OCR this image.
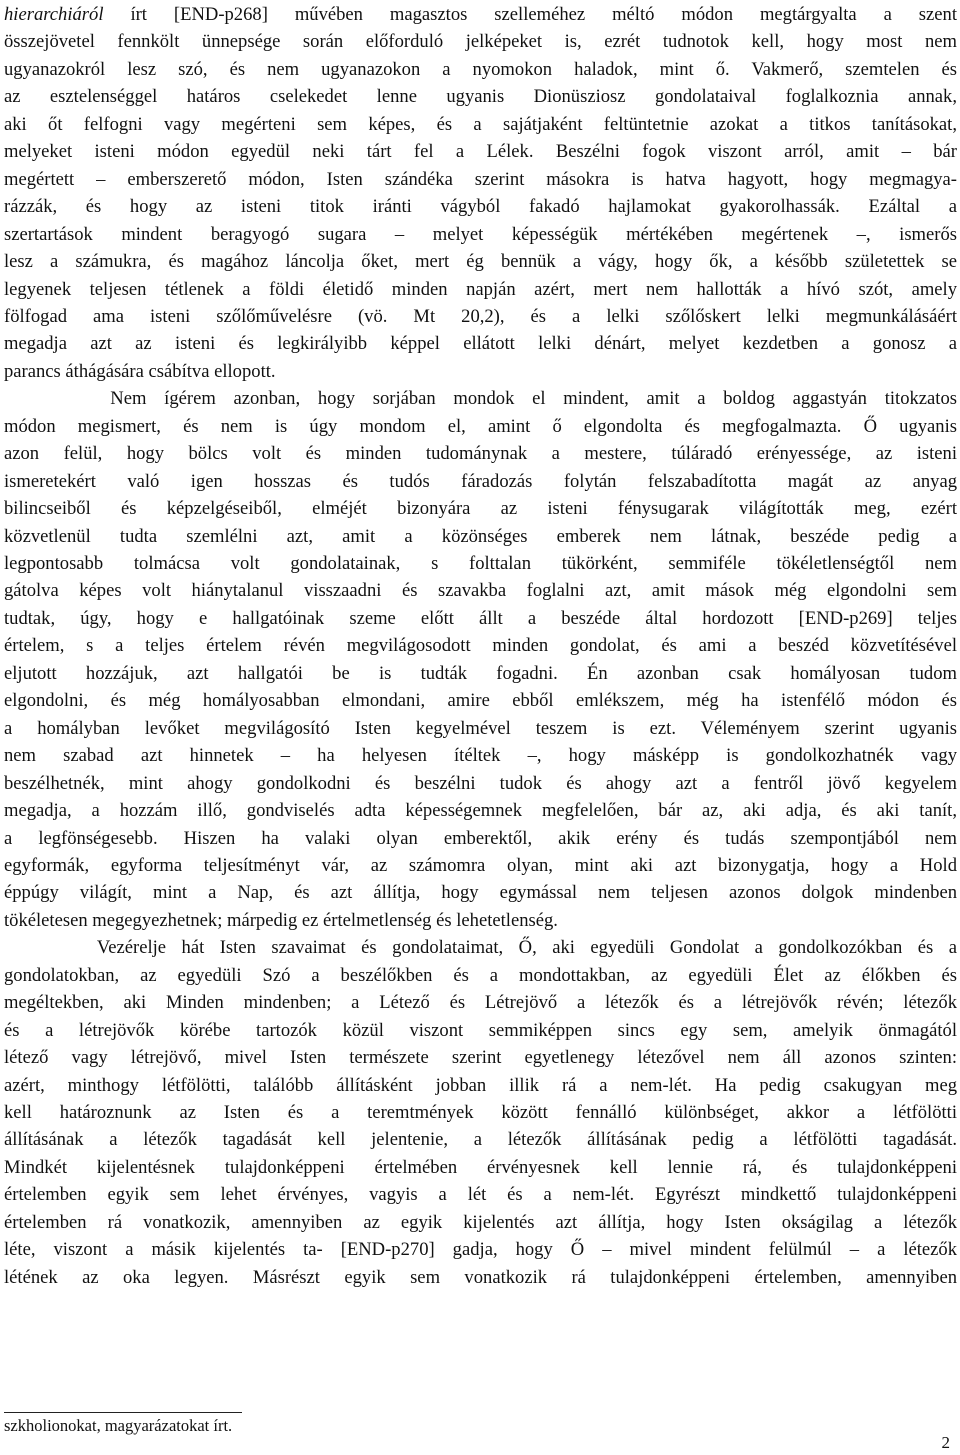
hierarchiáról írt [END-p268] művében magasztos szelleméhez méltó módon megtárgyalta a szent
összejövetel fennkölt ünnepsége során előforduló jelképeket is, ezrét tudnotok kell, hogy most nem
ugyanazokról lesz szó, és nem ugyanazokon a nyomokon haladok, mint ő. Vakmerő, szemtelen és
az esztelenséggel határos cselekedet lenne ugyanis Dionüsziosz gondolataival foglalkoznia annak,
aki őt felfogni vagy megérteni sem képes, és a sajátjaként feltüntetnie azokat a titkos tanításokat,
melyeket isteni módon egyedül neki tárt fel a Lélek. Beszélni fogok viszont arról, amit – bár
megértett – emberszerető módon, Isten szándéka szerint másokra is hatva hagyott, hogy megmagya-
rázzák, és hogy az isteni titok iránti vágyból fakadó hajlamokat gyakorolhassák. Ezáltal a
szertartások mindent beragyogó sugara – melyet képességük mértékében megértenek –, ismerős
lesz a számukra, és magához láncolja őket, mert ég bennük a vágy, hogy ők, a később születettek se
legyenek teljesen tétlenek a földi életidő minden napján azért, mert nem hallották a hívó szót, amely
fölfogad ama isteni szőlőművelésre (vö. Mt 20,2), és a lelki szőlőskert lelki megmunkálásáért
megadja azt az isteni és legkirályibb képpel ellátott lelki dénárt, melyet kezdetben a gonosz a
parancs áthágására csábítva ellopott.
Nem ígérem azonban, hogy sorjában mondok el mindent, amit a boldog aggastyán titokzatos
módon megismert, és nem is úgy mondom el, amint ő elgondolta és megfogalmazta. Ő ugyanis
azon felül, hogy bölcs volt és minden tudománynak a mestere, túláradó erényessége, az isteni
ismeretekért való igen hosszas és tudós fáradozás folytán felszabadította magát az anyag
bilincseiből és képzelgéseiből, elméjét bizonyára az isteni fénysugarak világították meg, ezért
közvetlenül tudta szemlélni azt, amit a közönséges emberek nem látnak, beszéde pedig a
legpontosabb tolmácsa volt gondolatainak, s folttalan tükörként, semmiféle tökéletlenségtől nem
gátolva képes volt hiánytalanul visszaadni és szavakba foglalni azt, amit mások még elgondolni sem
tudtak, úgy, hogy e hallgatóinak szeme előtt állt a beszéde által hordozott [END-p269] teljes
értelem, s a teljes értelem révén megvilágosodott minden gondolat, és ami a beszéd közvetítésével
eljutott hozzájuk, azt hallgatói be is tudták fogadni. Én azonban csak homályosan tudom
elgondolni, és még homályosabban elmondani, amire ebből emlékszem, még ha istenfélő módon és
a homályban levőket megvilágosító Isten kegyelmével teszem is ezt. Véleményem szerint ugyanis
nem szabad azt hinnetek – ha helyesen ítéltek –, hogy másképp is gondolkozhatnék vagy
beszélhetnék, mint ahogy gondolkodni és beszélni tudok és ahogy azt a fentről jövő kegyelem
megadja, a hozzám illő, gondviselés adta képességemnek megfelelően, bár az, aki adja, és aki tanít,
a legfönségesebb. Hiszen ha valaki olyan emberektől, akik erény és tudás szempontjából nem
egyformák, egyforma teljesítményt vár, az számomra olyan, mint aki azt bizonygatja, hogy a Hold
éppúgy világít, mint a Nap, és azt állítja, hogy egymással nem teljesen azonos dolgok mindenben
tökéletesen megegyezhetnek; márpedig ez értelmetlenség és lehetetlenség.
Vezérelje hát Isten szavaimat és gondolataimat, Ő, aki egyedüli Gondolat a gondolkozókban és a
gondolatokban, az egyedüli Szó a beszélőkben és a mondottakban, az egyedüli Élet az élőkben és
megéltekben, aki Minden mindenben; a Létező és Létrejövő a létezők és a létrejövők révén; létezők
és a létrejövők körébe tartozók közül viszont semmiképpen sincs egy sem, amelyik önmagától
létező vagy létrejövő, mivel Isten természete szerint egyetlenegy létezővel nem áll azonos szinten:
azért, minthogy létfölötti, találóbb állításként jobban illik rá a nem-lét. Ha pedig csakugyan meg
kell határoznunk az Isten és a teremtmények között fennálló különbséget, akkor a létfölötti
állításának a létezők tagadását kell jelentenie, a létezők állításának pedig a létfölötti tagadását.
Mindkét kijelentésnek tulajdonképpeni értelmében érvényesnek kell lennie rá, és tulajdonképpeni
értelemben egyik sem lehet érvényes, vagyis a lét és a nem-lét. Egyrészt mindkettő tulajdonképpeni
értelemben rá vonatkozik, amennyiben az egyik kijelentés azt állítja, hogy Isten okságilag a létezők
léte, viszont a másik kijelentés ta- [END-p270] gadja, hogy Ő – mivel mindent felülmúl – a létezők
létének az oka legyen. Másrészt egyik sem vonatkozik rá tulajdonképpeni értelemben, amennyiben
szkholionokat, magyarázatokat írt.
2
